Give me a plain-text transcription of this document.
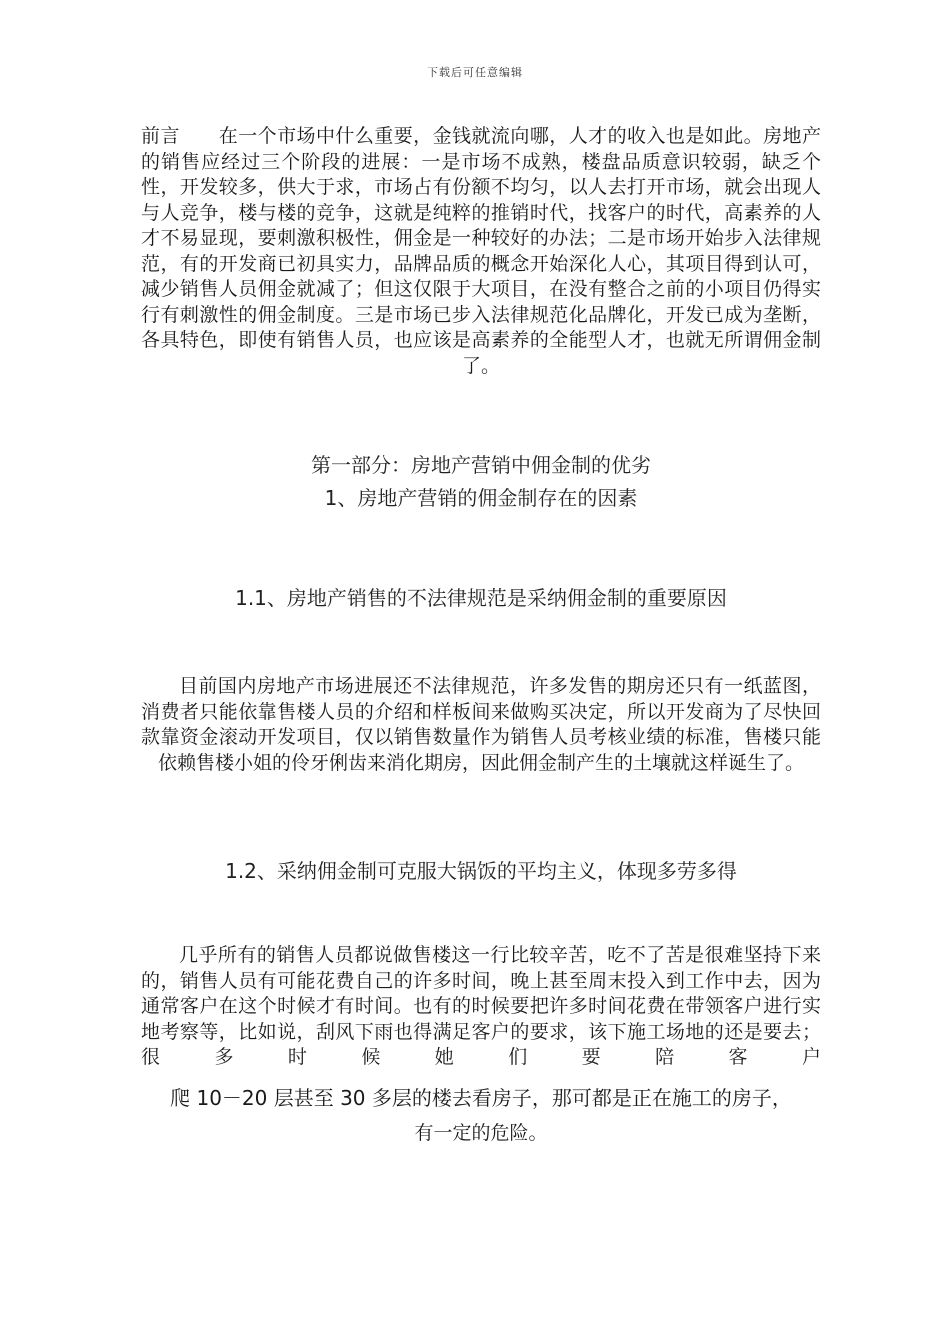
下载后可任意编辑
前言　　在一个市场中什么重要，金钱就流向哪，人才的收入也是如此。房地产的销售应经过三个阶段的进展：一是市场不成熟，楼盘品质意识较弱，缺乏个性，开发较多，供大于求，市场占有份额不均匀，以人去打开市场，就会出现人与人竞争，楼与楼的竞争，这就是纯粹的推销时代，找客户的时代，高素养的人才不易显现，要刺激积极性，佣金是一种较好的办法；二是市场开始步入法律规范，有的开发商已初具实力，品牌品质的概念开始深化人心，其项目得到认可，减少销售人员佣金就减了；但这仅限于大项目，在没有整合之前的小项目仍得实行有刺激性的佣金制度。三是市场已步入法律规范化品牌化，开发已成为垄断，各具特色，即使有销售人员，也应该是高素养的全能型人才，也就无所谓佣金制了。
第一部分：房地产营销中佣金制的优劣
1、房地产营销的佣金制存在的因素
1.1、房地产销售的不法律规范是采纳佣金制的重要原因
目前国内房地产市场进展还不法律规范，许多发售的期房还只有一纸蓝图，消费者只能依靠售楼人员的介绍和样板间来做购买决定，所以开发商为了尽快回款靠资金滚动开发项目，仅以销售数量作为销售人员考核业绩的标准，售楼只能依赖售楼小姐的伶牙俐齿来消化期房，因此佣金制产生的土壤就这样诞生了。
1.2、采纳佣金制可克服大锅饭的平均主义，体现多劳多得
几乎所有的销售人员都说做售楼这一行比较辛苦，吃不了苦是很难坚持下来的，销售人员有可能花费自己的许多时间，晚上甚至周末投入到工作中去，因为通常客户在这个时候才有时间。也有的时候要把许多时间花费在带领客户进行实地考察等，比如说，刮风下雨也得满足客户的要求，该下施工场地的还是要去；很多时候她们要陪客户
爬 10－20 层甚至 30 多层的楼去看房子，那可都是正在施工的房子，
有一定的危险。
